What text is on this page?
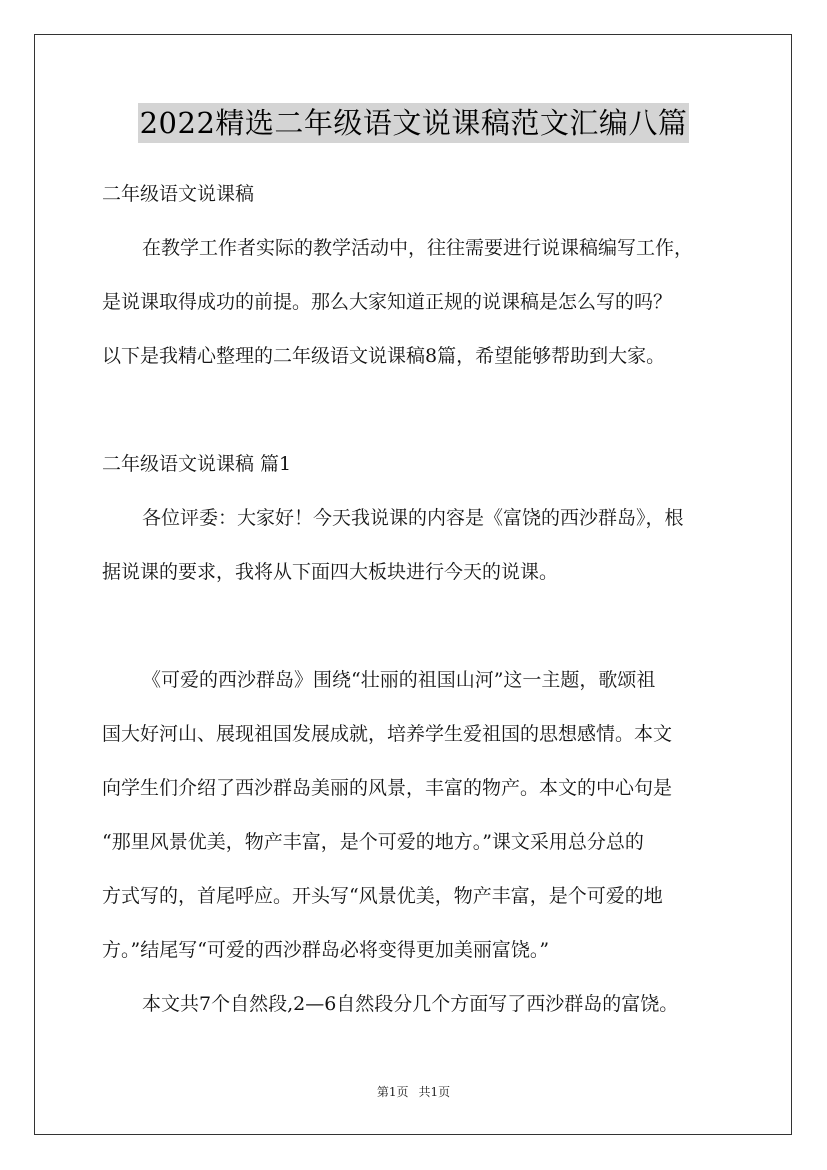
2022精选二年级语文说课稿范文汇编八篇
二年级语文说课稿
在教学工作者实际的教学活动中，往往需要进行说课稿编写工作，
是说课取得成功的前提。那么大家知道正规的说课稿是怎么写的吗？
以下是我精心整理的二年级语文说课稿8篇，希望能够帮助到大家。
二年级语文说课稿 篇1
各位评委：大家好！今天我说课的内容是《富饶的西沙群岛》，根
据说课的要求，我将从下面四大板块进行今天的说课。
《可爱的西沙群岛》围绕“壮丽的祖国山河”这一主题，歌颂祖
国大好河山、展现祖国发展成就，培养学生爱祖国的思想感情。本文
向学生们介绍了西沙群岛美丽的风景，丰富的物产。本文的中心句是
“那里风景优美，物产丰富，是个可爱的地方。”课文采用总分总的
方式写的，首尾呼应。开头写“风景优美，物产丰富，是个可爱的地
方。”结尾写“可爱的西沙群岛必将变得更加美丽富饶。”
本文共7个自然段,2—6自然段分几个方面写了西沙群岛的富饶。
第1页 共1页
